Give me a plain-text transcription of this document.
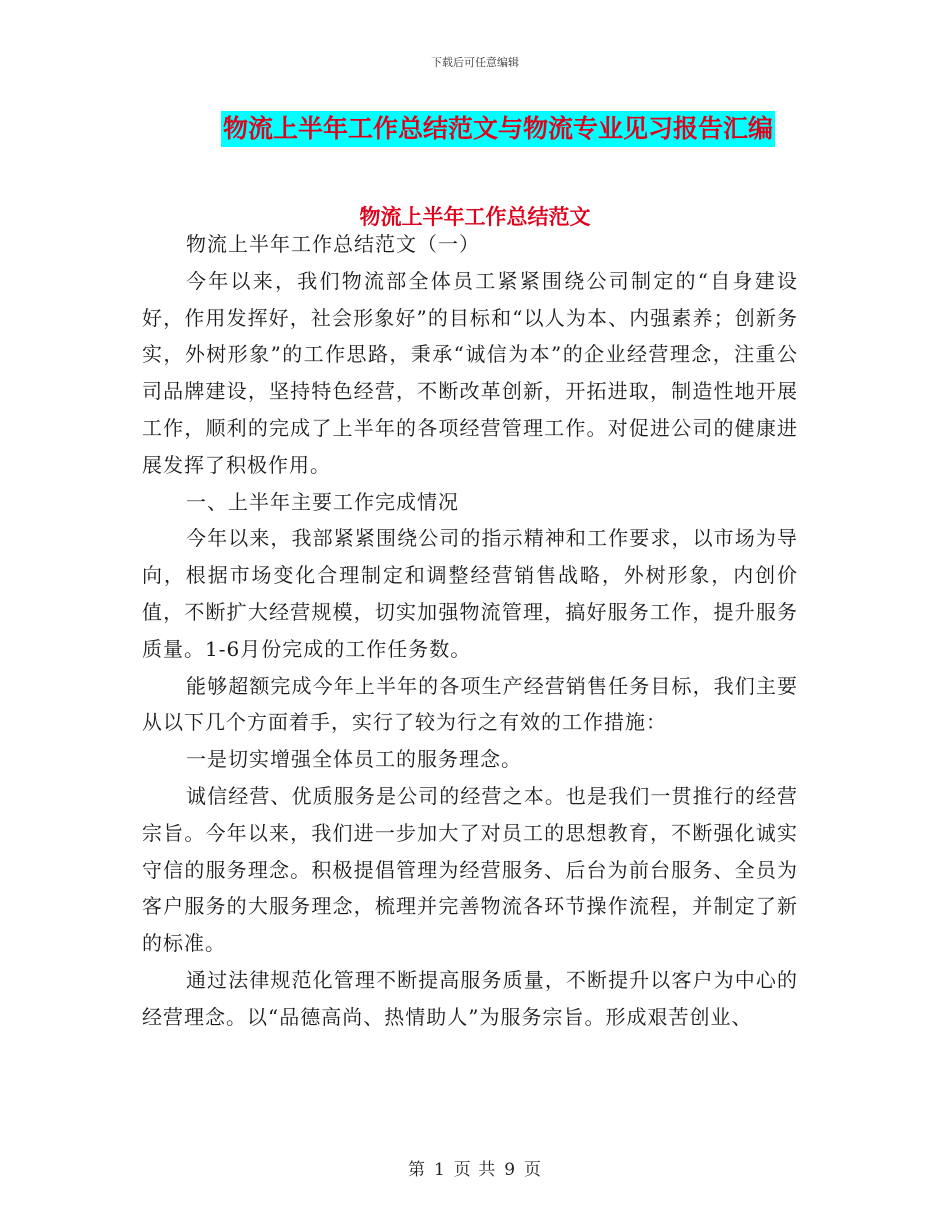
下载后可任意编辑
物流上半年工作总结范文与物流专业见习报告汇编
物流上半年工作总结范文

物流上半年工作总结范文（一）

今年以来，我们物流部全体员工紧紧围绕公司制定的“自身建设好，作用发挥好，社会形象好”的目标和“以人为本、内强素养；创新务实，外树形象”的工作思路，秉承“诚信为本”的企业经营理念，注重公司品牌建设，坚持特色经营，不断改革创新，开拓进取，制造性地开展工作，顺利的完成了上半年的各项经营管理工作。对促进公司的健康进展发挥了积极作用。

一、上半年主要工作完成情况

今年以来，我部紧紧围绕公司的指示精神和工作要求，以市场为导向，根据市场变化合理制定和调整经营销售战略，外树形象，内创价值，不断扩大经营规模，切实加强物流管理，搞好服务工作，提升服务质量。1-6月份完成的工作任务数。

能够超额完成今年上半年的各项生产经营销售任务目标，我们主要从以下几个方面着手，实行了较为行之有效的工作措施：

一是切实增强全体员工的服务理念。

诚信经营、优质服务是公司的经营之本。也是我们一贯推行的经营宗旨。今年以来，我们进一步加大了对员工的思想教育，不断强化诚实守信的服务理念。积极提倡管理为经营服务、后台为前台服务、全员为客户服务的大服务理念，梳理并完善物流各环节操作流程，并制定了新的标准。

通过法律规范化管理不断提高服务质量，不断提升以客户为中心的经营理念。以“品德高尚、热情助人”为服务宗旨。形成艰苦创业、

第 1 页 共 9 页
